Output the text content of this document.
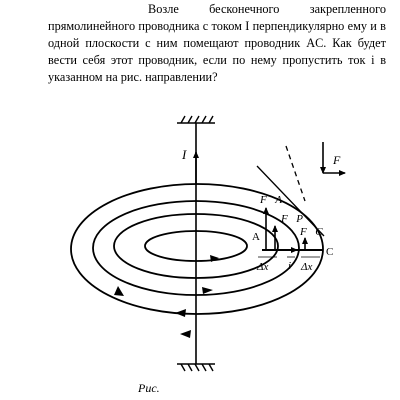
Возле бесконечного закрепленного прямолинейного проводника с током I перпендикулярно ему и в одной плоскости с ним помещают проводник AC. Как будет вести себя этот проводник, если по нему пропустить ток i в указанном на рис. направлении?

I
A
C
i
Δx	Δx
F⃗A
F⃗P
F⃗C
F⃗
Рис.
